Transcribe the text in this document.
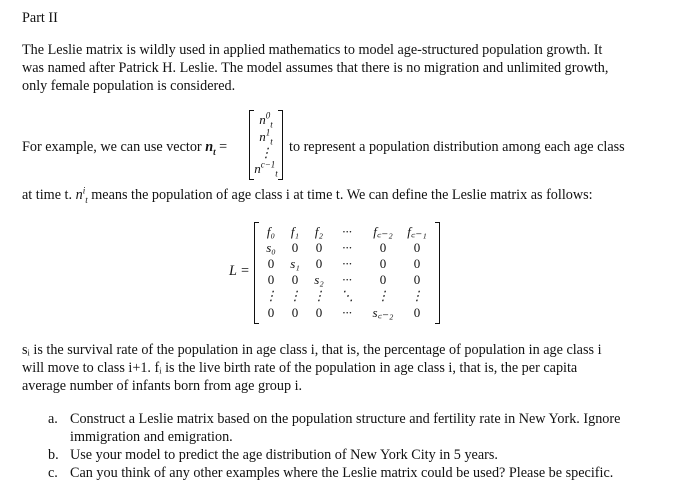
Part II
The Leslie matrix is wildly used in applied mathematics to model age-structured population growth. It
was named after Patrick H. Leslie. The model assumes that there is no migration and unlimited growth,
only female population is considered.
For example, we can use vector $n_t$ =
$n^0_t$
$n^1_t$
⋮
$n^{c-1}_t$
to represent a population distribution among each age class
at time t. $n^i_t$ means the population of age class i at time t. We can define the Leslie matrix as follows:
L =
f₀	f₁	f₂	···	f꜀₋₂	f꜀₋₁
s₀	0	0	···	0	0
0	s₁	0	···	0	0
0	0	s₂	···	0	0
⋮ ⋮ ⋮	⋱	⋮	⋮
0	0	0	···	s꜀₋₂	0
sᵢ is the survival rate of the population in age class i, that is, the percentage of population in age class i
will move to class i+1. fᵢ is the live birth rate of the population in age class i, that is, the per capita
average number of infants born from age group i.
a. Construct a Leslie matrix based on the population structure and fertility rate in New York. Ignore
immigration and emigration.
b. Use your model to predict the age distribution of New York City in 5 years.
c. Can you think of any other examples where the Leslie matrix could be used? Please be specific.
